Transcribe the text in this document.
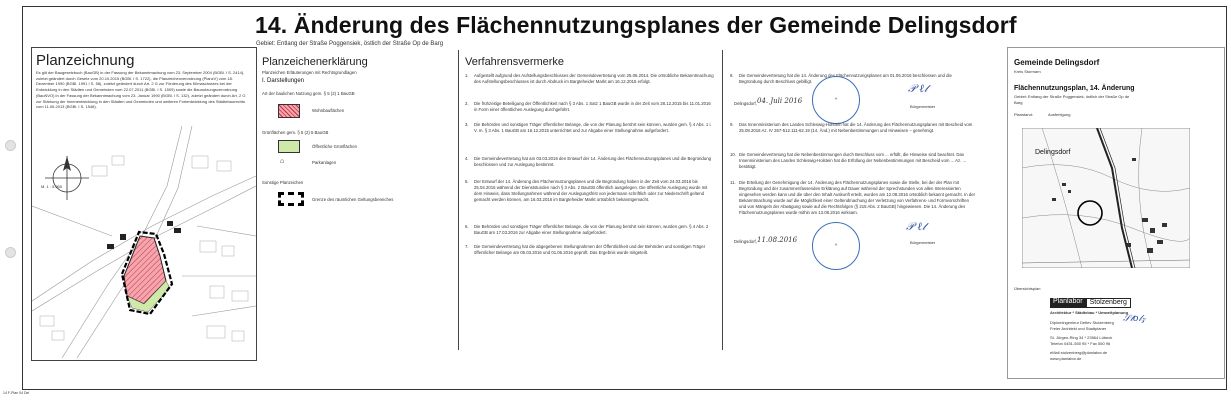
14. Änderung des Flächennutzungsplanes der Gemeinde Delingsdorf
Gebiet: Entlang der Straße Poggensiek, östlich der Straße Op de Barg
Planzeichnung
Es gilt der Baugesetzbuch (BauGB) in der Fassung der Bekanntmachung vom 23. September 2004 (BGBl. I S. 2414), zuletzt geändert durch Gesetz vom 20.10.2015 (BGBl. I S. 1722), die Planzeichenverordnung (PlanzV) vom 18. Dezember 1990 (BGBl. 1991 I S. 58), zuletzt geändert durch Art. 2 G zur Förderung des Klimaschutzes bei der Entwicklung in den Städten und Gemeinden vom 22.07.2011 (BGBl. I S. 1509) sowie die Baunutzungsverordnung (BauNVO) in der Fassung der Bekanntmachung vom 23. Januar 1990 (BGBl. I S. 132), zuletzt geändert durch Art. 2 G zur Stärkung der Innenentwicklung in den Städten und Gemeinden und weiteren Fortentwicklung des Städtebaurechts vom 11.06.2013 (BGBl. I S. 1548).
M. 1 : 5.000
Planzeichenerklärung
Planzeichen Erläuterungen mit Rechtsgrundlagen
I. Darstellungen
Art der baulichen Nutzung gem. § 5 (2) 1 BauGB
Wohnbauflächen
Grünflächen gem. § 5 (2) 5 BauGB
Öffentliche Grünflächen
⌂	Parkanlagen
Sonstige Planzeichen
Grenze des räumlichen Geltungsbereiches
Verfahrensvermerke
1. Aufgestellt aufgrund des Aufstellungsbeschlusses der Gemeindevertretung vom 25.06.2014. Die ortsübliche Bekanntmachung des Aufstellungsbeschlusses ist durch Abdruck im Bargteheider Markt am 16.12.2015 erfolgt.
2. Die frühzeitige Beteiligung der Öffentlichkeit nach § 3 Abs. 1 Satz 1 BauGB wurde in der Zeit vom 28.12.2015 bis 11.01.2016 in Form einer öffentlichen Auslegung durchgeführt.
3. Die Behörden und sonstigen Träger öffentlicher Belange, die von der Planung berührt sein können, wurden gem. § 4 Abs. 1 i. V. m. § 3 Abs. 1 BauGB am 16.12.2015 unterrichtet und zur Abgabe einer Stellungnahme aufgefordert.
4. Die Gemeindevertretung hat am 03.03.2016 den Entwurf der 14. Änderung des Flächennutzungsplanes und die Begründung beschlossen und zur Auslegung bestimmt.
5. Der Entwurf der 14. Änderung des Flächennutzungsplanes und die Begründung haben in der Zeit vom 24.03.2016 bis 25.04.2016 während der Dienststunden nach § 3 Abs. 2 BauGB öffentlich ausgelegen. Die öffentliche Auslegung wurde mit dem Hinweis, dass Stellungnahmen während der Auslegungsfrist von jedermann schriftlich oder zur Niederschrift geltend gemacht werden können, am 16.03.2016 im Bargteheider Markt ortsüblich bekanntgemacht.
6. Die Behörden und sonstigen Träger öffentlicher Belange, die von der Planung berührt sein können, wurden gem. § 4 Abs. 2 BauGB am 17.03.2016 zur Abgabe einer Stellungnahme aufgefordert.
7. Die Gemeindevertretung hat die abgegebenen Stellungnahmen der Öffentlichkeit und der Behörden und sonstigen Träger öffentlicher Belange am 05.03.2016 und 01.06.2016 geprüft. Das Ergebnis wurde mitgeteilt.
8. Die Gemeindevertretung hat die 14. Änderung des Flächennutzungsplanes am 01.06.2016 beschlossen und die Begründung durch Beschluss gebilligt.
Delingsdorf, 04. Juli 2016	⚜
𝒫 ℓ𝓉
Bürgermeister
9. Das Innenministerium des Landes Schleswig-Holstein hat die 14. Änderung des Flächennutzungsplanes mit Bescheid vom 25.08.2016 Az. IV 267-512.111-62.19 (14. Änd.) mit Nebenbestimmungen und Hinweisen – genehmigt.
10. Die Gemeindevertretung hat die Nebenbestimmungen durch Beschluss vom ... erfüllt, die Hinweise sind beachtet. Das Innenministerium des Landes Schleswig-Holstein hat die Erfüllung der Nebenbestimmungen mit Bescheid vom ... Az. ... bestätigt.
11. Die Erteilung der Genehmigung der 14. Änderung des Flächennutzungsplanes sowie die Stelle, bei der der Plan mit Begründung und der zusammenfassenden Erklärung auf Dauer während der Sprechstunden von allen Interessierten eingesehen werden kann und die über den Inhalt Auskunft erteilt, wurden am 12.08.2016 ortsüblich bekannt gemacht. In der Bekanntmachung wurde auf die Möglichkeit einer Geltendmachung der Verletzung von Verfahrens- und Formvorschriften und von Mängeln der Abwägung sowie auf die Rechtsfolgen (§ 215 Abs. 2 BauGB) hingewiesen. Die 14. Änderung des Flächennutzungsplanes wurde mithin am 13.08.2016 wirksam.
Delingsdorf, 11.08.2016
⚜
𝒫 ℓ𝓉
Bürgermeister
Gemeinde Delingsdorf
Kreis Stormarn
Flächennutzungsplan, 14. Änderung
Gebiet: Entlang der Straße Poggensiek, östlich der Straße Op de Barg
Planstand:	Ausfertigung
Delingsdorf
Übersichtsplan
Planlabor	Stolzenberg
Architektur * Städtebau * Umweltplanung
Diplomingenieur Detlev Stolzenberg
Freier Architekt und Stadtplaner
St. Jürgen-Ring 34 * 23564 Lübeck
Telefon 0451-550 95 * Fax 550 96
eMail stolzenberg@planlabor.de
www.planlabor.de
𝒮𝓉𝑜𝓁𝓏
14 F-Plan 04 Del
